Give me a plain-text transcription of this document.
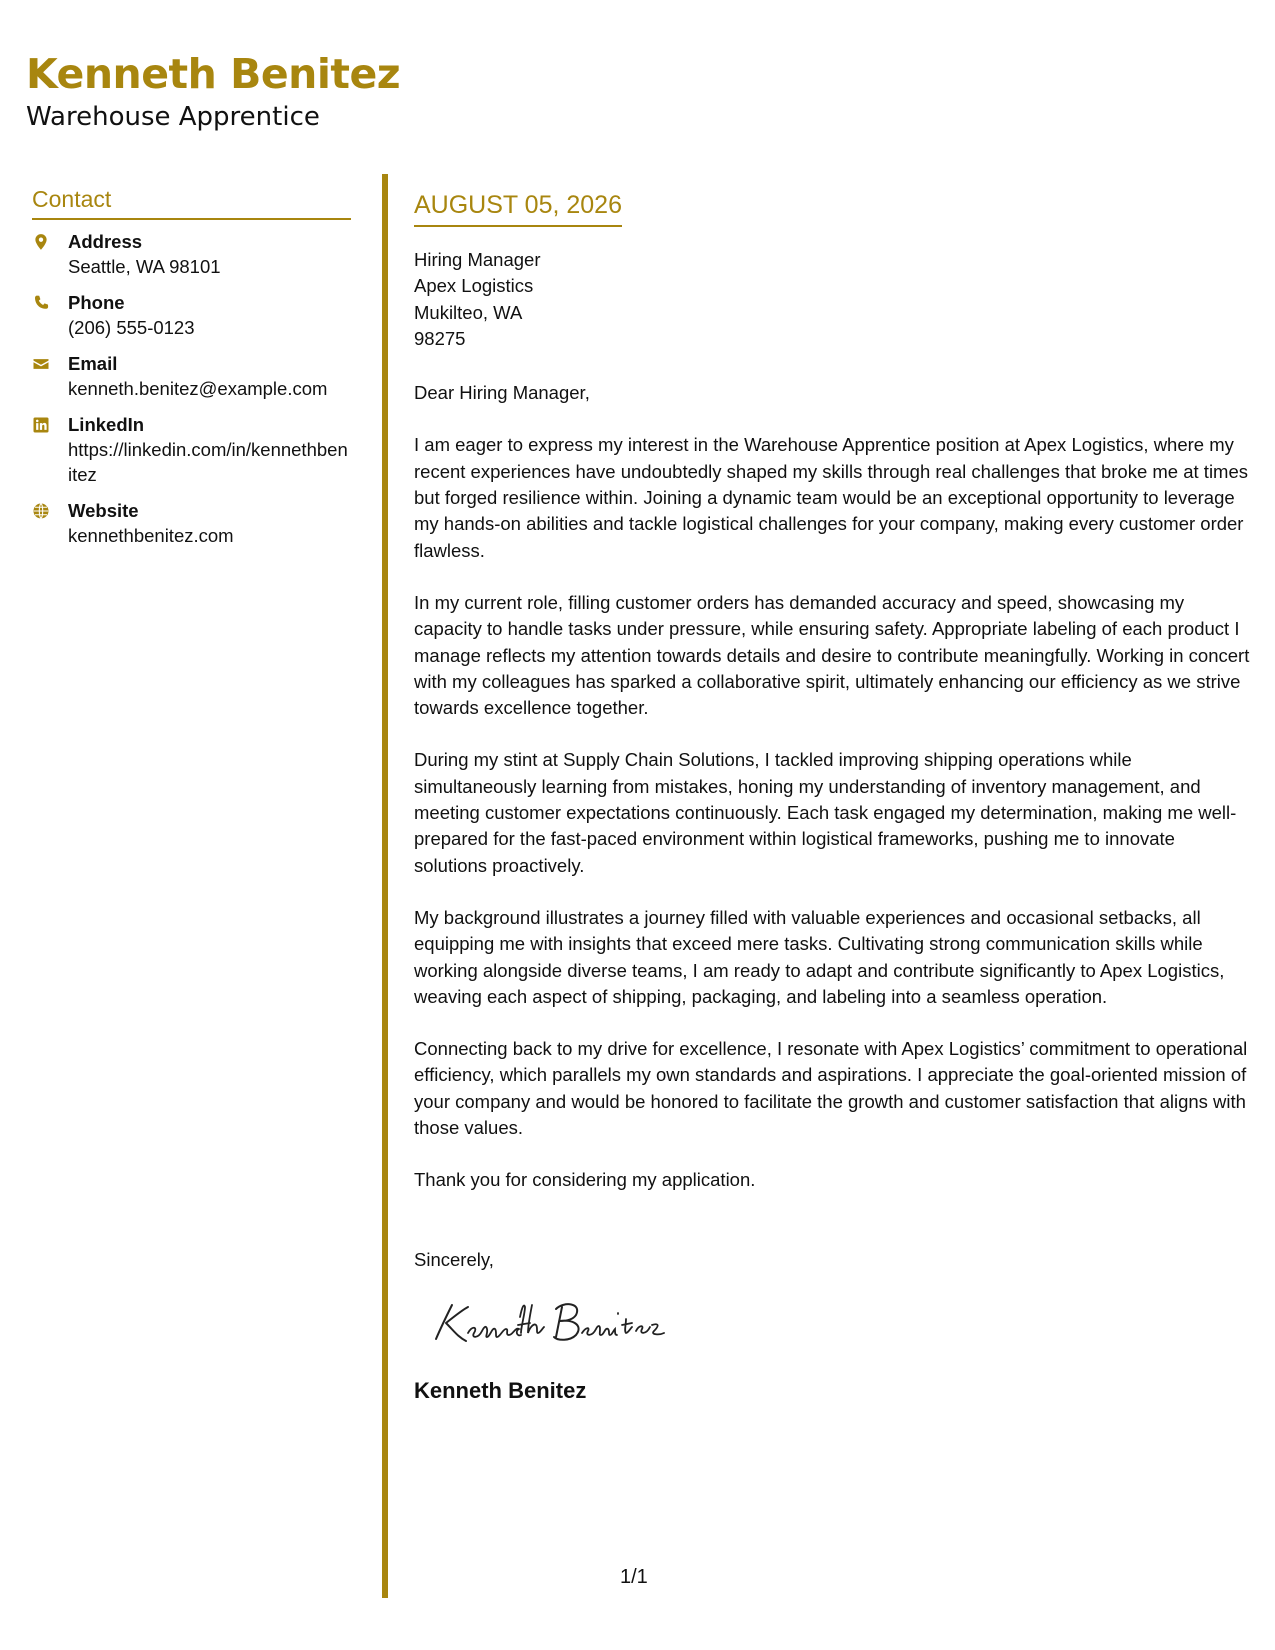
Kenneth Benitez
Warehouse Apprentice
Contact
Address
Seattle, WA 98101
Phone
(206) 555-0123
Email
kenneth.benitez@example.com
LinkedIn
https://linkedin.com/in/kennethbenitez
Website
kennethbenitez.com
AUGUST 05, 2026
Hiring Manager
Apex Logistics
Mukilteo, WA
98275
Dear Hiring Manager,

I am eager to express my interest in the Warehouse Apprentice position at Apex Logistics, where my recent experiences have undoubtedly shaped my skills through real challenges that broke me at times but forged resilience within. Joining a dynamic team would be an exceptional opportunity to leverage my hands-on abilities and tackle logistical challenges for your company, making every customer order flawless.

In my current role, filling customer orders has demanded accuracy and speed, showcasing my capacity to handle tasks under pressure, while ensuring safety. Appropriate labeling of each product I manage reflects my attention towards details and desire to contribute meaningfully. Working in concert with my colleagues has sparked a collaborative spirit, ultimately enhancing our efficiency as we strive towards excellence together.

During my stint at Supply Chain Solutions, I tackled improving shipping operations while simultaneously learning from mistakes, honing my understanding of inventory management, and meeting customer expectations continuously. Each task engaged my determination, making me well-prepared for the fast-paced environment within logistical frameworks, pushing me to innovate solutions proactively.

My background illustrates a journey filled with valuable experiences and occasional setbacks, all equipping me with insights that exceed mere tasks. Cultivating strong communication skills while working alongside diverse teams, I am ready to adapt and contribute significantly to Apex Logistics, weaving each aspect of shipping, packaging, and labeling into a seamless operation.

Connecting back to my drive for excellence, I resonate with Apex Logistics’ commitment to operational efficiency, which parallels my own standards and aspirations. I appreciate the goal-oriented mission of your company and would be honored to facilitate the growth and customer satisfaction that aligns with those values.

Thank you for considering my application.

Sincerely,
Kenneth Benitez
1/1
